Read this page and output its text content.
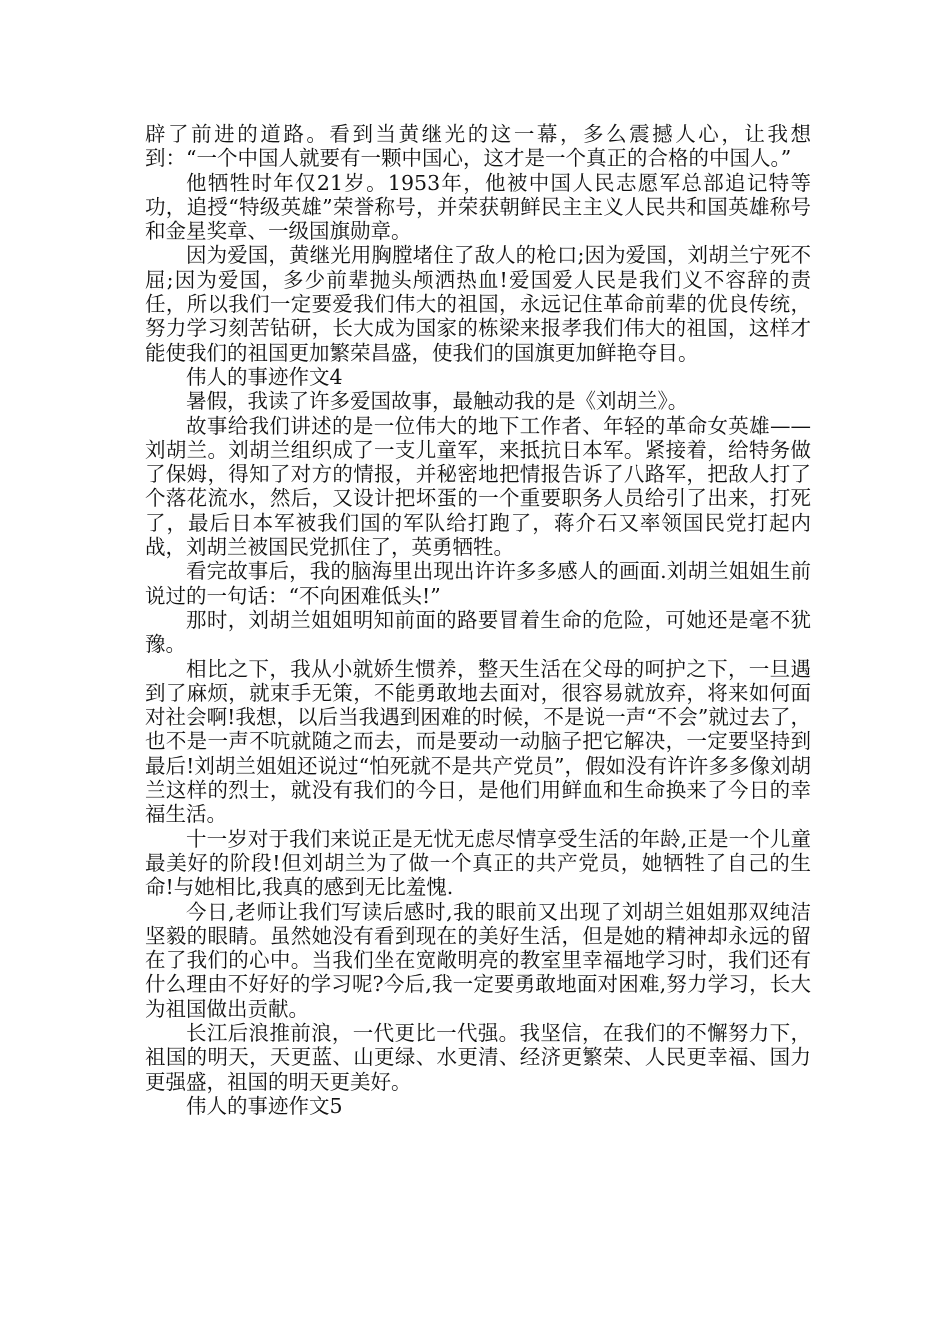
辟了前进的道路。看到当黄继光的这一幕，多么震撼人心，让我想到：“一个中国人就要有一颗中国心，这才是一个真正的合格的中国人。”

他牺牲时年仅21岁。1953年，他被中国人民志愿军总部追记特等功，追授“特级英雄”荣誉称号，并荣获朝鲜民主主义人民共和国英雄称号和金星奖章、一级国旗勋章。

因为爱国，黄继光用胸膛堵住了敌人的枪口;因为爱国，刘胡兰宁死不屈;因为爱国，多少前辈抛头颅洒热血!爱国爱人民是我们义不容辞的责任，所以我们一定要爱我们伟大的祖国，永远记住革命前辈的优良传统，努力学习刻苦钻研，长大成为国家的栋梁来报孝我们伟大的祖国，这样才能使我们的祖国更加繁荣昌盛，使我们的国旗更加鲜艳夺目。

伟人的事迹作文4

暑假，我读了许多爱国故事，最触动我的是《刘胡兰》。

故事给我们讲述的是一位伟大的地下工作者、年轻的革命女英雄——刘胡兰。刘胡兰组织成了一支儿童军，来抵抗日本军。紧接着，给特务做了保姆，得知了对方的情报，并秘密地把情报告诉了八路军，把敌人打了个落花流水，然后，又设计把坏蛋的一个重要职务人员给引了出来，打死了，最后日本军被我们国的军队给打跑了，蒋介石又率领国民党打起内战，刘胡兰被国民党抓住了，英勇牺牲。

看完故事后，我的脑海里出现出许许多多感人的画面.刘胡兰姐姐生前说过的一句话：“不向困难低头!”

那时，刘胡兰姐姐明知前面的路要冒着生命的危险，可她还是毫不犹豫。

相比之下，我从小就娇生惯养，整天生活在父母的呵护之下，一旦遇到了麻烦，就束手无策，不能勇敢地去面对，很容易就放弃，将来如何面对社会啊!我想，以后当我遇到困难的时候，不是说一声“不会”就过去了，也不是一声不吭就随之而去，而是要动一动脑子把它解决，一定要坚持到最后!刘胡兰姐姐还说过“怕死就不是共产党员”，假如没有许许多多像刘胡兰这样的烈士，就没有我们的今日，是他们用鲜血和生命换来了今日的幸福生活。

十一岁对于我们来说正是无忧无虑尽情享受生活的年龄,正是一个儿童最美好的阶段!但刘胡兰为了做一个真正的共产党员，她牺牲了自己的生命!与她相比,我真的感到无比羞愧.

今日,老师让我们写读后感时,我的眼前又出现了刘胡兰姐姐那双纯洁坚毅的眼睛。虽然她没有看到现在的美好生活，但是她的精神却永远的留在了我们的心中。当我们坐在宽敞明亮的教室里幸福地学习时，我们还有什么理由不好好的学习呢?今后,我一定要勇敢地面对困难,努力学习，长大为祖国做出贡献。

长江后浪推前浪，一代更比一代强。我坚信，在我们的不懈努力下，祖国的明天，天更蓝、山更绿、水更清、经济更繁荣、人民更幸福、国力更强盛，祖国的明天更美好。

伟人的事迹作文5
